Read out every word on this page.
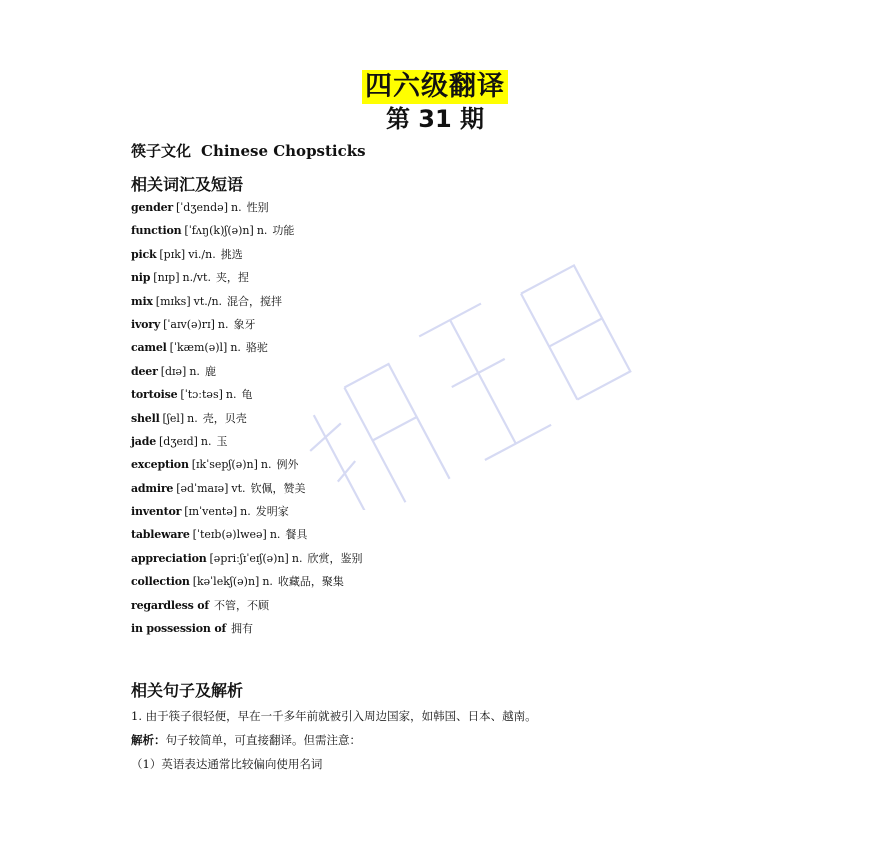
四六级翻译
第 31 期
筷子文化 Chinese Chopsticks
相关词汇及短语
gender [ˈdʒendə] n. 性别
function [ˈfʌŋ(k)ʃ(ə)n] n. 功能
pick [pɪk] vi./n. 挑选
nip [nɪp] n./vt. 夹，捏
mix [mɪks] vt./n. 混合，搅拌
ivory [ˈaɪv(ə)rɪ] n. 象牙
camel [ˈkæm(ə)l] n. 骆驼
deer [dɪə] n. 鹿
tortoise [ˈtɔːtəs] n. 龟
shell [ʃel] n. 壳，贝壳
jade [dʒeɪd] n. 玉
exception [ɪkˈsepʃ(ə)n] n. 例外
admire [ədˈmaɪə] vt. 钦佩，赞美
inventor [ɪnˈventə] n. 发明家
tableware [ˈteɪb(ə)lweə] n. 餐具
appreciation [əpriːʃɪˈeɪʃ(ə)n] n. 欣赏，鉴别
collection [kəˈlekʃ(ə)n] n. 收藏品，聚集
regardless of 不管，不顾
in possession of 拥有
相关句子及解析
1. 由于筷子很轻便，早在一千多年前就被引入周边国家，如韩国、日本、越南。
解析：句子较简单，可直接翻译。但需注意：
（1）英语表达通常比较偏向使用名词
